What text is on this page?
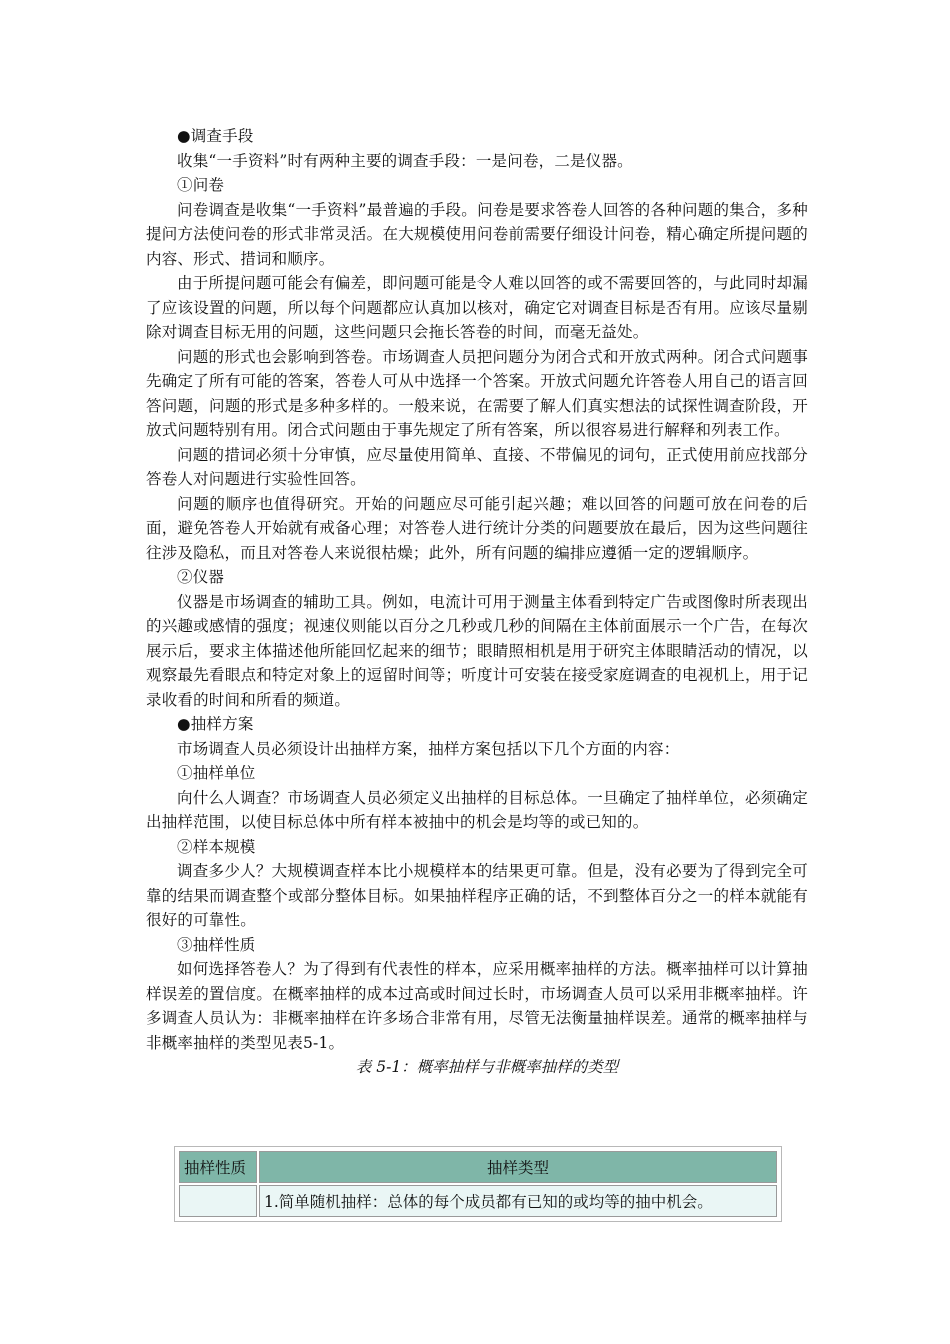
●调查手段

收集“一手资料”时有两种主要的调查手段：一是问卷，二是仪器。

①问卷

问卷调查是收集“一手资料”最普遍的手段。问卷是要求答卷人回答的各种问题的集合，多种提问方法使问卷的形式非常灵活。在大规模使用问卷前需要仔细设计问卷，精心确定所提问题的内容、形式、措词和顺序。

由于所提问题可能会有偏差，即问题可能是令人难以回答的或不需要回答的，与此同时却漏了应该设置的问题，所以每个问题都应认真加以核对，确定它对调查目标是否有用。应该尽量剔除对调查目标无用的问题，这些问题只会拖长答卷的时间，而毫无益处。

问题的形式也会影响到答卷。市场调查人员把问题分为闭合式和开放式两种。闭合式问题事先确定了所有可能的答案，答卷人可从中选择一个答案。开放式问题允许答卷人用自己的语言回答问题，问题的形式是多种多样的。一般来说，在需要了解人们真实想法的试探性调查阶段，开放式问题特别有用。闭合式问题由于事先规定了所有答案，所以很容易进行解释和列表工作。

问题的措词必须十分审慎，应尽量使用简单、直接、不带偏见的词句，正式使用前应找部分答卷人对问题进行实验性回答。

问题的顺序也值得研究。开始的问题应尽可能引起兴趣；难以回答的问题可放在问卷的后面，避免答卷人开始就有戒备心理；对答卷人进行统计分类的问题要放在最后，因为这些问题往往涉及隐私，而且对答卷人来说很枯燥；此外，所有问题的编排应遵循一定的逻辑顺序。

②仪器

仪器是市场调查的辅助工具。例如，电流计可用于测量主体看到特定广告或图像时所表现出的兴趣或感情的强度；视速仪则能以百分之几秒或几秒的间隔在主体前面展示一个广告，在每次展示后，要求主体描述他所能回忆起来的细节；眼睛照相机是用于研究主体眼睛活动的情况，以观察最先看眼点和特定对象上的逗留时间等；听度计可安装在接受家庭调查的电视机上，用于记录收看的时间和所看的频道。

●抽样方案

市场调查人员必须设计出抽样方案，抽样方案包括以下几个方面的内容：

①抽样单位

向什么人调查？市场调查人员必须定义出抽样的目标总体。一旦确定了抽样单位，必须确定出抽样范围，以使目标总体中所有样本被抽中的机会是均等的或已知的。

②样本规模

调查多少人？大规模调查样本比小规模样本的结果更可靠。但是，没有必要为了得到完全可靠的结果而调查整个或部分整体目标。如果抽样程序正确的话，不到整体百分之一的样本就能有很好的可靠性。

③抽样性质

如何选择答卷人？为了得到有代表性的样本，应采用概率抽样的方法。概率抽样可以计算抽样误差的置信度。在概率抽样的成本过高或时间过长时，市场调查人员可以采用非概率抽样。许多调查人员认为：非概率抽样在许多场合非常有用，尽管无法衡量抽样误差。通常的概率抽样与非概率抽样的类型见表5-1。

表 5-1：概率抽样与非概率抽样的类型

抽样性质	抽样类型
	1.简单随机抽样：总体的每个成员都有已知的或均等的抽中机会。
